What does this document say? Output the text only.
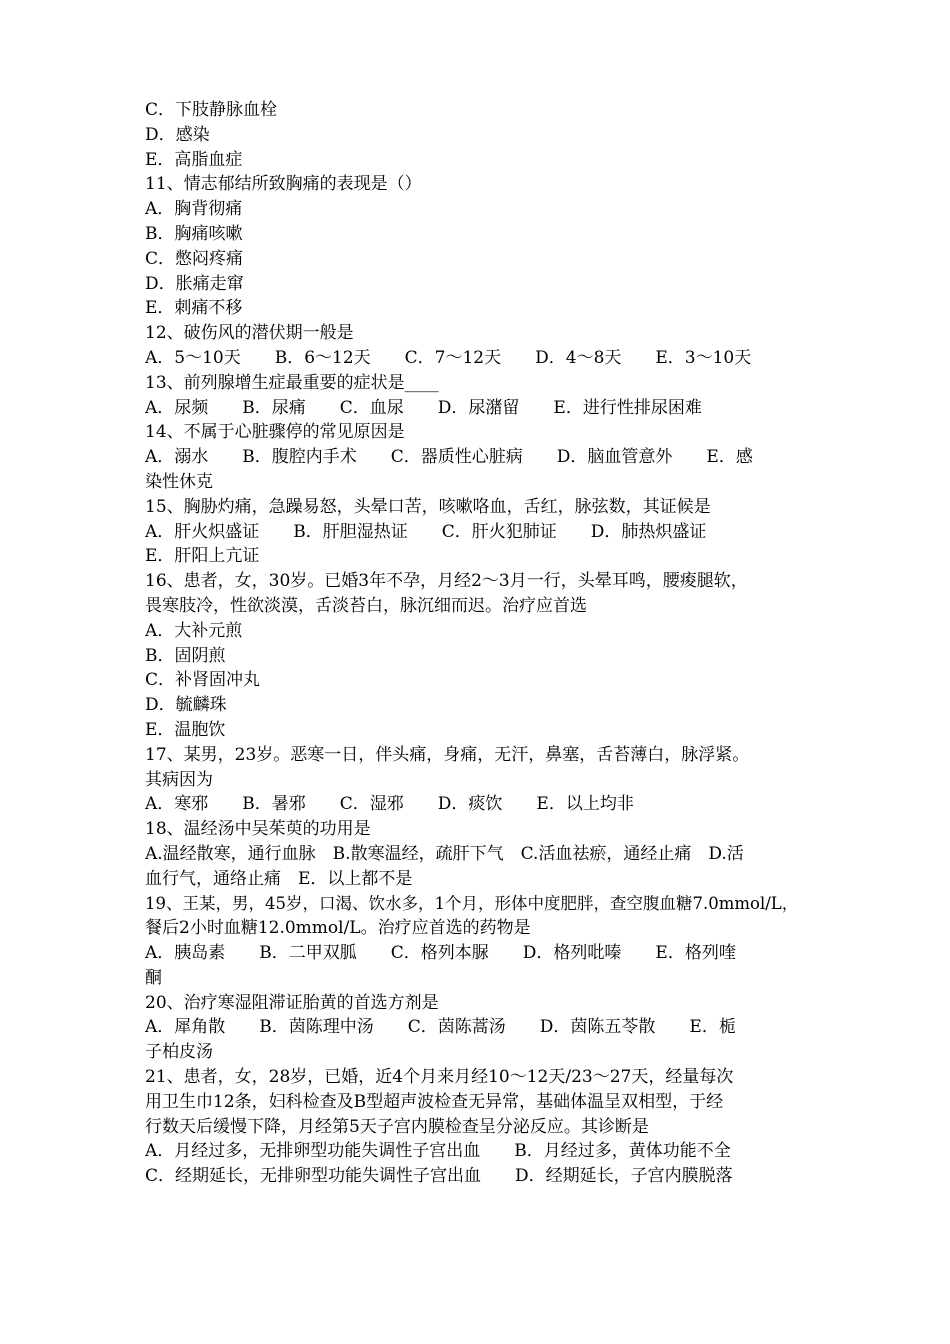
C．下肢静脉血栓
D．感染
E．高脂血症
11、情志郁结所致胸痛的表现是（）
A．胸背彻痛
B．胸痛咳嗽
C．憋闷疼痛
D．胀痛走窜
E．刺痛不移
12、破伤风的潜伏期一般是
A．5～10天　　B．6～12天　　C．7～12天　　D．4～8天　　E．3～10天
13、前列腺增生症最重要的症状是____
A．尿频　　B．尿痛　　C．血尿　　D．尿潴留　　E．进行性排尿困难
14、不属于心脏骤停的常见原因是
A．溺水　　B．腹腔内手术　　C．器质性心脏病　　D．脑血管意外　　E．感
染性休克
15、胸胁灼痛，急躁易怒，头晕口苦，咳嗽咯血，舌红，脉弦数，其证候是
A．肝火炽盛证　　B．肝胆湿热证　　C．肝火犯肺证　　D．肺热炽盛证
E．肝阳上亢证
16、患者，女，30岁。已婚3年不孕，月经2～3月一行，头晕耳鸣，腰痠腿软，
畏寒肢冷，性欲淡漠，舌淡苔白，脉沉细而迟。治疗应首选
A．大补元煎
B．固阴煎
C．补肾固冲丸
D．毓麟珠
E．温胞饮
17、某男，23岁。恶寒一日，伴头痛，身痛，无汗，鼻塞，舌苔薄白，脉浮紧。
其病因为
A．寒邪　　B．暑邪　　C．湿邪　　D．痰饮　　E．以上均非
18、温经汤中吴茱萸的功用是
A.温经散寒，通行血脉　B.散寒温经，疏肝下气　C.活血祛瘀，通经止痛　D.活
血行气，通络止痛　E．以上都不是
19、王某，男，45岁，口渴、饮水多，1个月，形体中度肥胖，查空腹血糖7.0mmol/L，
餐后2小时血糖12.0mmol/L。治疗应首选的药物是
A．胰岛素　　B．二甲双胍　　C．格列本脲　　D．格列吡嗪　　E．格列喹
酮
20、治疗寒湿阻滞证胎黄的首选方剂是
A．犀角散　　B．茵陈理中汤　　C．茵陈蒿汤　　D．茵陈五苓散　　E．栀
子柏皮汤
21、患者，女，28岁，已婚，近4个月来月经10～12天/23～27天，经量每次
用卫生巾12条，妇科检查及B型超声波检查无异常，基础体温呈双相型，于经
行数天后缓慢下降，月经第5天子宫内膜检查呈分泌反应。其诊断是
A．月经过多，无排卵型功能失调性子宫出血　　B．月经过多，黄体功能不全
C．经期延长，无排卵型功能失调性子宫出血　　D．经期延长，子宫内膜脱落
